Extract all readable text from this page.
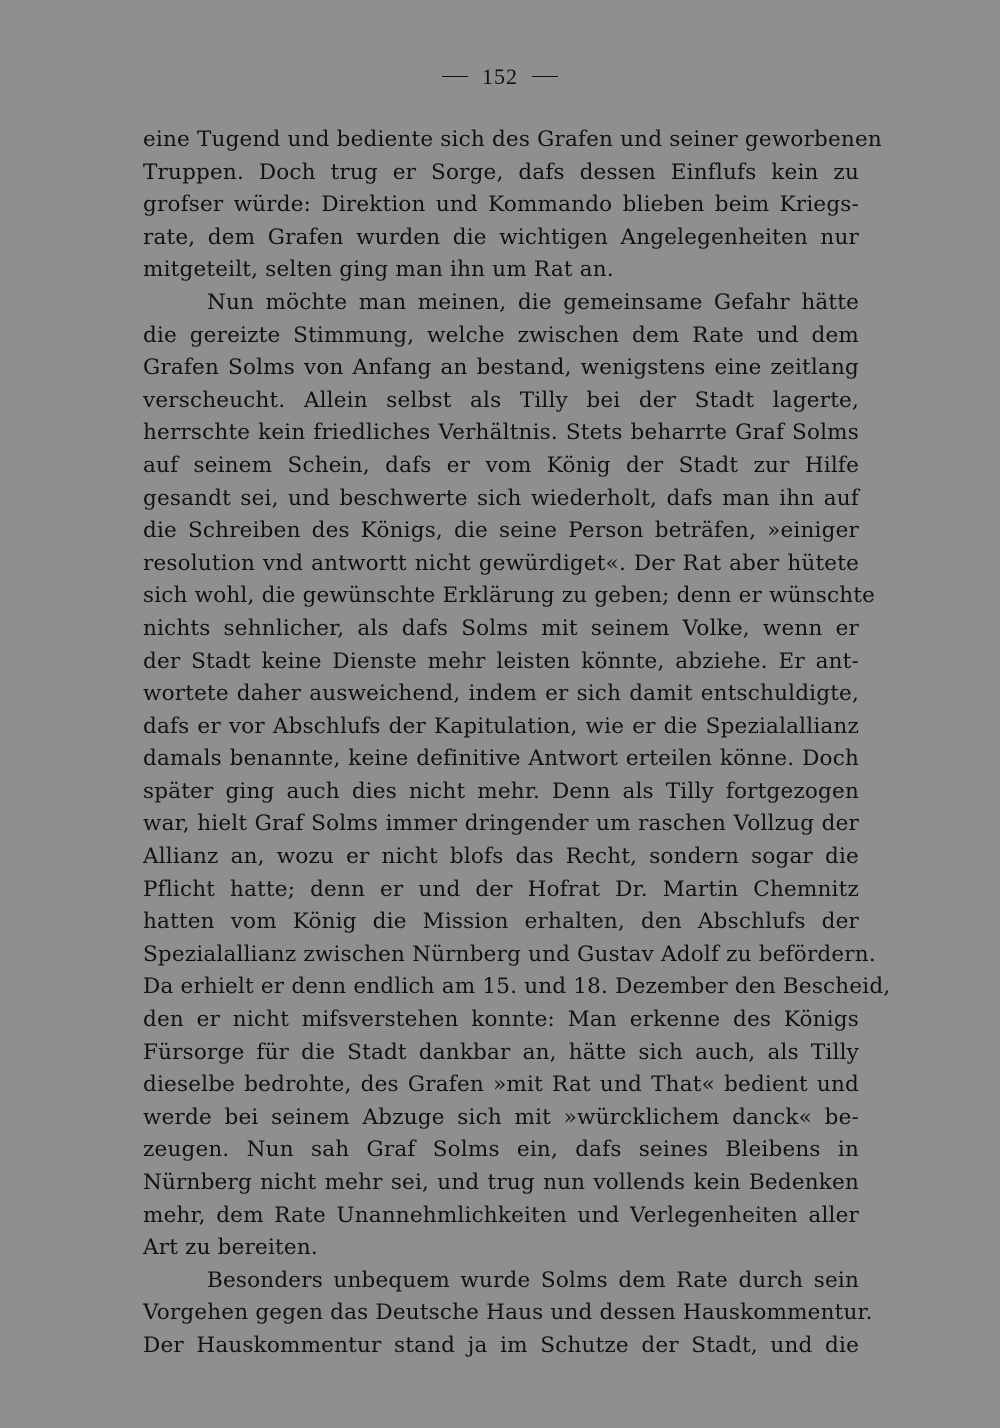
152
eine Tugend und bediente sich des Grafen und seiner geworbenen
Truppen. Doch trug er Sorge, dafs dessen Einflufs kein zu
grofser würde: Direktion und Kommando blieben beim Kriegs-
rate, dem Grafen wurden die wichtigen Angelegenheiten nur
mitgeteilt, selten ging man ihn um Rat an.
Nun möchte man meinen, die gemeinsame Gefahr hätte
die gereizte Stimmung, welche zwischen dem Rate und dem
Grafen Solms von Anfang an bestand, wenigstens eine zeitlang
verscheucht. Allein selbst als Tilly bei der Stadt lagerte,
herrschte kein friedliches Verhältnis. Stets beharrte Graf Solms
auf seinem Schein, dafs er vom König der Stadt zur Hilfe
gesandt sei, und beschwerte sich wiederholt, dafs man ihn auf
die Schreiben des Königs, die seine Person beträfen, »einiger
resolution vnd antwortt nicht gewürdiget«. Der Rat aber hütete
sich wohl, die gewünschte Erklärung zu geben; denn er wünschte
nichts sehnlicher, als dafs Solms mit seinem Volke, wenn er
der Stadt keine Dienste mehr leisten könnte, abziehe. Er ant-
wortete daher ausweichend, indem er sich damit entschuldigte,
dafs er vor Abschlufs der Kapitulation, wie er die Spezialallianz
damals benannte, keine definitive Antwort erteilen könne. Doch
später ging auch dies nicht mehr. Denn als Tilly fortgezogen
war, hielt Graf Solms immer dringender um raschen Vollzug der
Allianz an, wozu er nicht blofs das Recht, sondern sogar die
Pflicht hatte; denn er und der Hofrat Dr. Martin Chemnitz
hatten vom König die Mission erhalten, den Abschlufs der
Spezialallianz zwischen Nürnberg und Gustav Adolf zu befördern.
Da erhielt er denn endlich am 15. und 18. Dezember den Bescheid,
den er nicht mifsverstehen konnte: Man erkenne des Königs
Fürsorge für die Stadt dankbar an, hätte sich auch, als Tilly
dieselbe bedrohte, des Grafen »mit Rat und That« bedient und
werde bei seinem Abzuge sich mit »würcklichem danck« be-
zeugen. Nun sah Graf Solms ein, dafs seines Bleibens in
Nürnberg nicht mehr sei, und trug nun vollends kein Bedenken
mehr, dem Rate Unannehmlichkeiten und Verlegenheiten aller
Art zu bereiten.
Besonders unbequem wurde Solms dem Rate durch sein
Vorgehen gegen das Deutsche Haus und dessen Hauskommentur.
Der Hauskommentur stand ja im Schutze der Stadt, und die
